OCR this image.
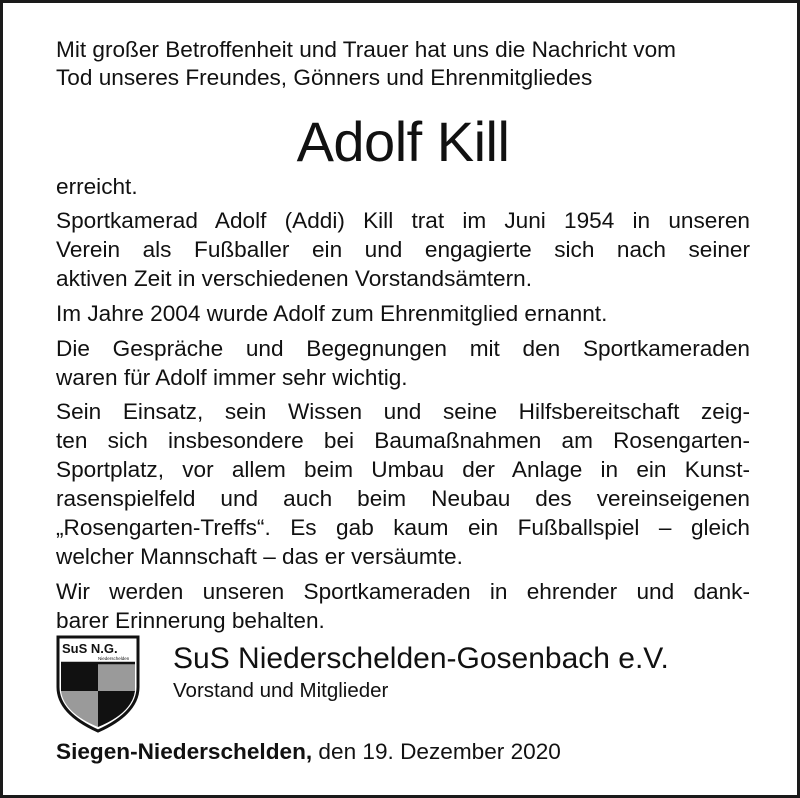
Mit großer Betroffenheit und Trauer hat uns die Nachricht vom
Tod unseres Freundes, Gönners und Ehrenmitgliedes
Adolf Kill
erreicht.
Sportkamerad Adolf (Addi) Kill trat im Juni 1954 in unseren
Verein als Fußballer ein und engagierte sich nach seiner
aktiven Zeit in verschiedenen Vorstandsämtern.
Im Jahre 2004 wurde Adolf zum Ehrenmitglied ernannt.
Die Gespräche und Begegnungen mit den Sportkameraden
waren für Adolf immer sehr wichtig.
Sein Einsatz, sein Wissen und seine Hilfsbereitschaft zeig-
ten sich insbesondere bei Baumaßnahmen am Rosengarten-
Sportplatz, vor allem beim Umbau der Anlage in ein Kunst-
rasenspielfeld und auch beim Neubau des vereinseigenen
„Rosengarten-Treffs“. Es gab kaum ein Fußballspiel – gleich
welcher Mannschaft – das er versäumte.
Wir werden unseren Sportkameraden in ehrender und dank-
barer Erinnerung behalten.
SuS N.G.
Niederschelden SuS Niederschelden-Gosenbach e.V.
Vorstand und Mitglieder
Siegen-Niederschelden, den 19. Dezember 2020
